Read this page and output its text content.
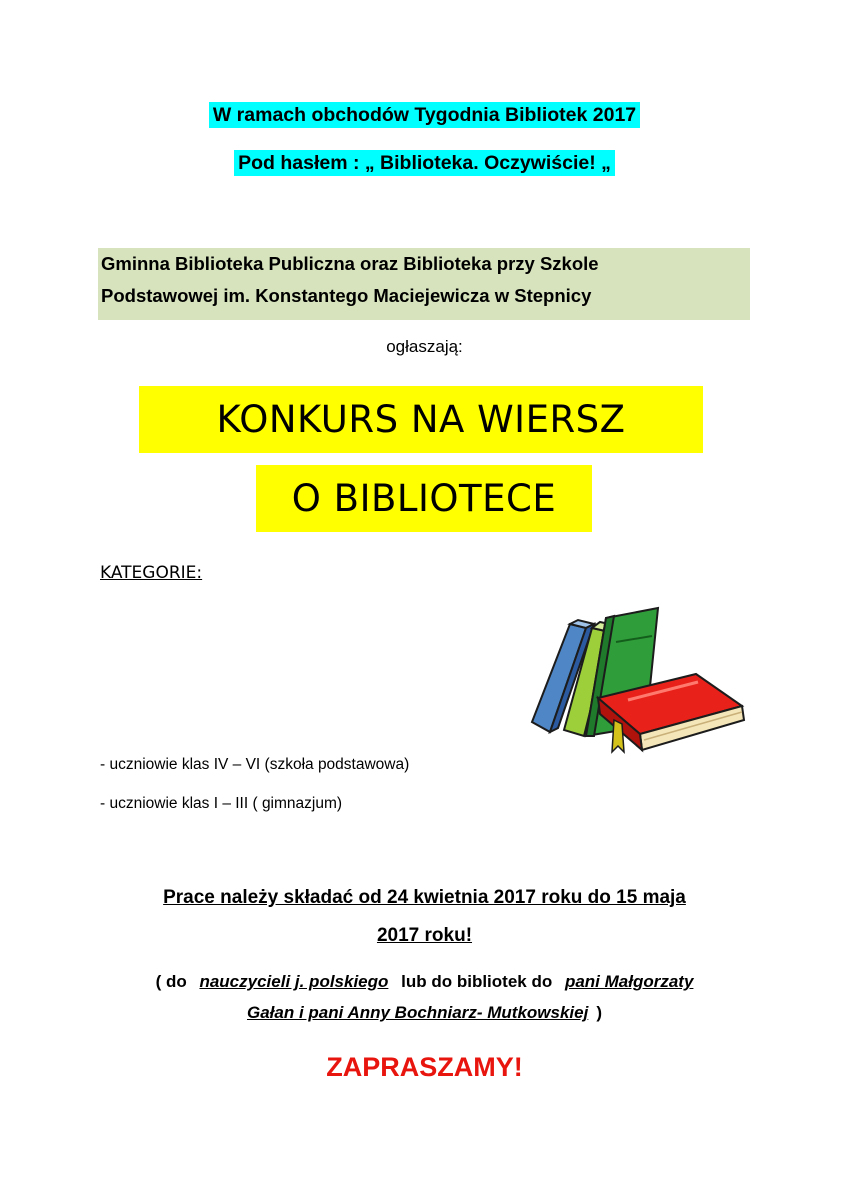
W ramach obchodów Tygodnia Bibliotek 2017
Pod hasłem : „ Biblioteka. Oczywiście! „
Gminna Biblioteka Publiczna oraz Biblioteka przy Szkole
Podstawowej im. Konstantego Maciejewicza w Stepnicy
ogłaszają:
KONKURS NA WIERSZ
O BIBLIOTECE
KATEGORIE:
- uczniowie klas IV – VI (szkoła podstawowa)
- uczniowie klas I – III ( gimnazjum)
Prace należy składać od 24 kwietnia 2017 roku do 15 maja
2017 roku!
( do nauczycieli j. polskiego lub do bibliotek do pani Małgorzaty
Gałan i pani Anny Bochniarz- Mutkowskiej )
ZAPRASZAMY!
